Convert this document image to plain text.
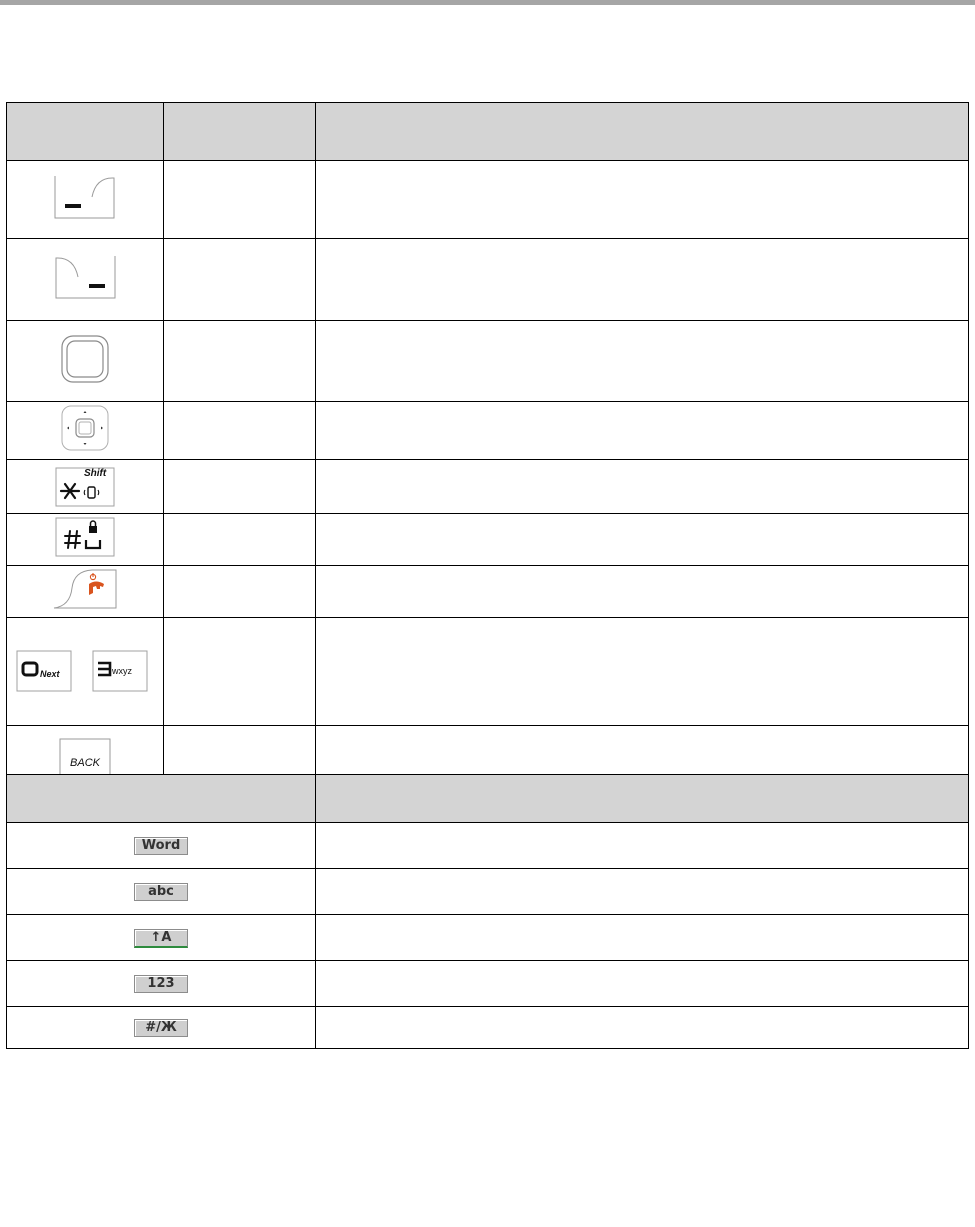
Shift		

Next wxyz		

BACK		

Word	
abc	
↑A	
123	
#/Ж	
